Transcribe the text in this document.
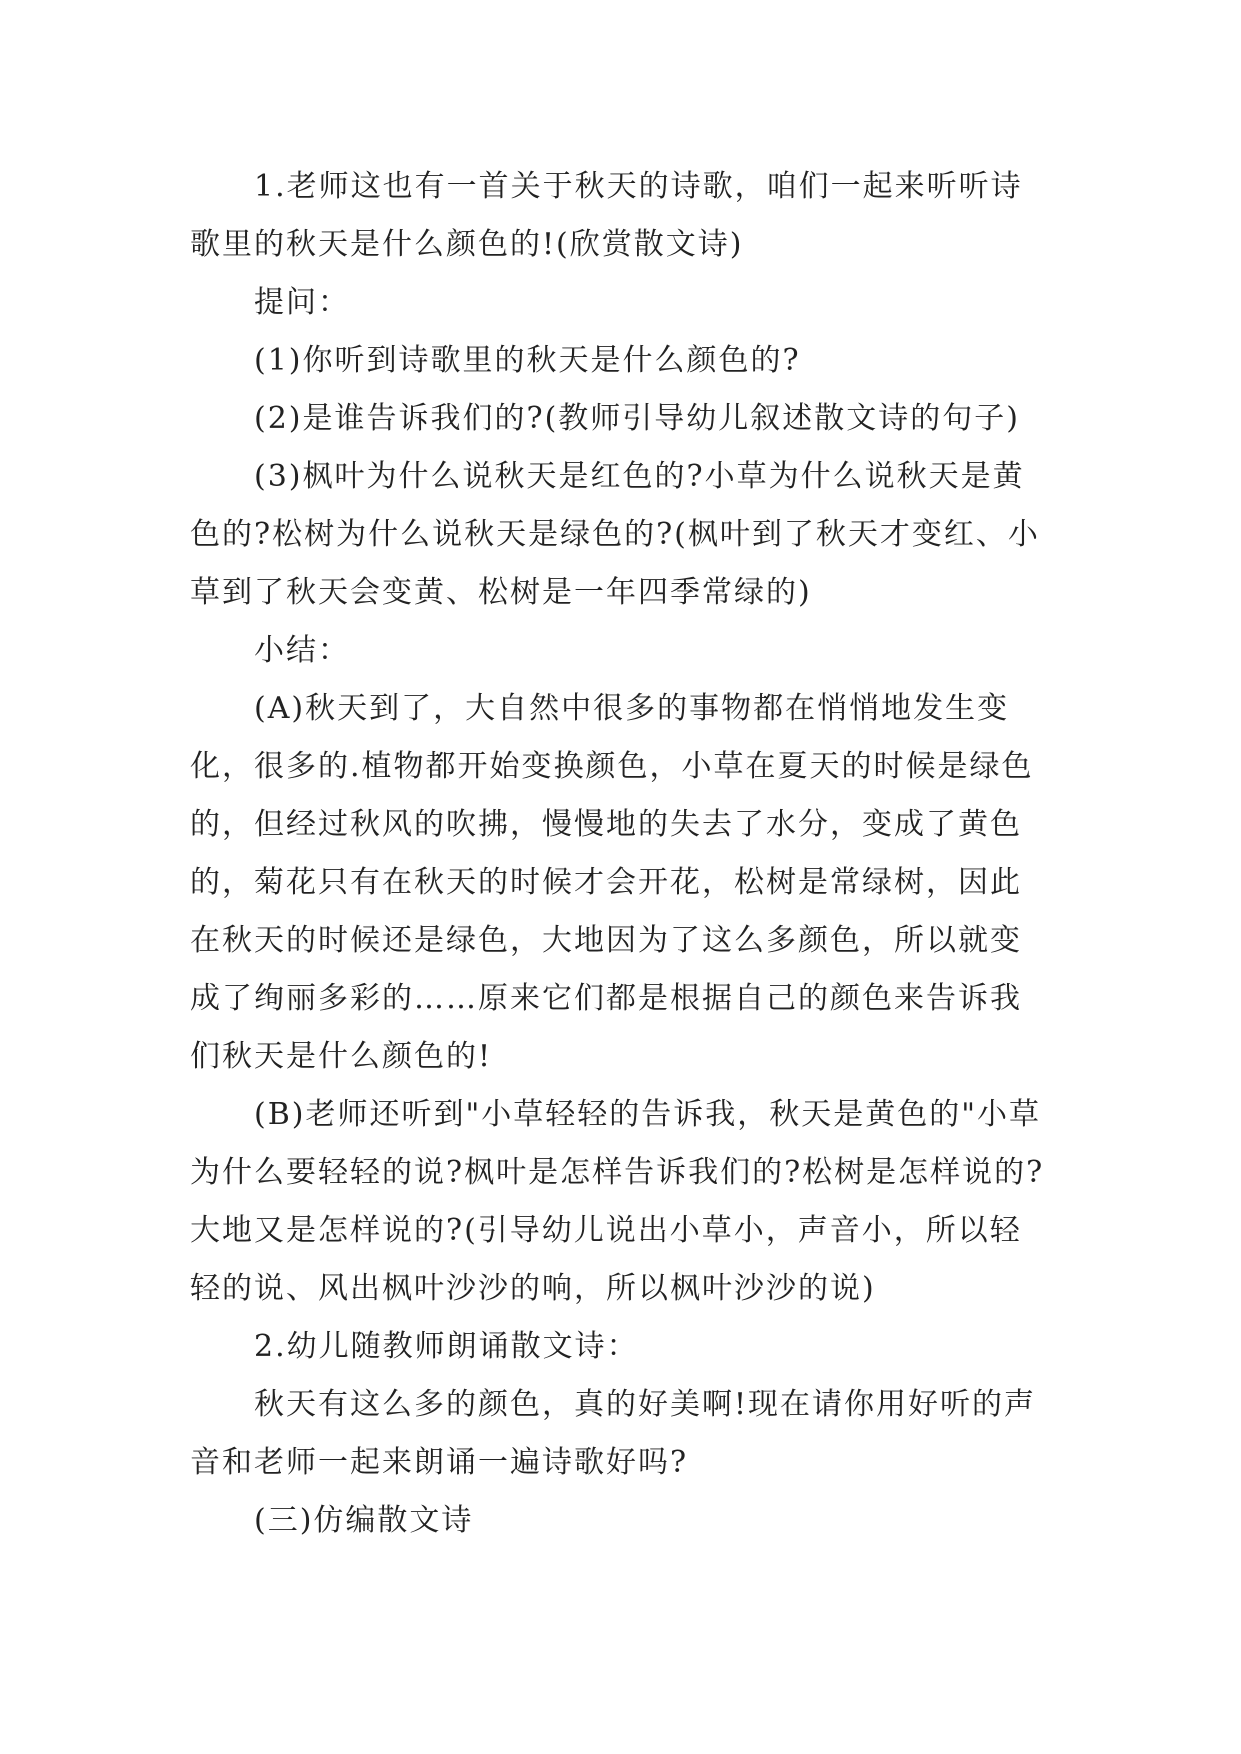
1.老师这也有一首关于秋天的诗歌，咱们一起来听听诗歌里的秋天是什么颜色的!(欣赏散文诗)

提问：

(1)你听到诗歌里的秋天是什么颜色的?

(2)是谁告诉我们的?(教师引导幼儿叙述散文诗的句子)

(3)枫叶为什么说秋天是红色的?小草为什么说秋天是黄色的?松树为什么说秋天是绿色的?(枫叶到了秋天才变红、小草到了秋天会变黄、松树是一年四季常绿的)

小结：

(A)秋天到了，大自然中很多的事物都在悄悄地发生变化，很多的.植物都开始变换颜色，小草在夏天的时候是绿色的，但经过秋风的吹拂，慢慢地的失去了水分，变成了黄色的，菊花只有在秋天的时候才会开花，松树是常绿树，因此在秋天的时候还是绿色，大地因为了这么多颜色，所以就变成了绚丽多彩的……原来它们都是根据自己的颜色来告诉我们秋天是什么颜色的!

(B)老师还听到"小草轻轻的告诉我，秋天是黄色的"小草为什么要轻轻的说?枫叶是怎样告诉我们的?松树是怎样说的?大地又是怎样说的?(引导幼儿说出小草小，声音小，所以轻轻的说、风出枫叶沙沙的响，所以枫叶沙沙的说)

2.幼儿随教师朗诵散文诗：

秋天有这么多的颜色，真的好美啊!现在请你用好听的声音和老师一起来朗诵一遍诗歌好吗?

(三)仿编散文诗
